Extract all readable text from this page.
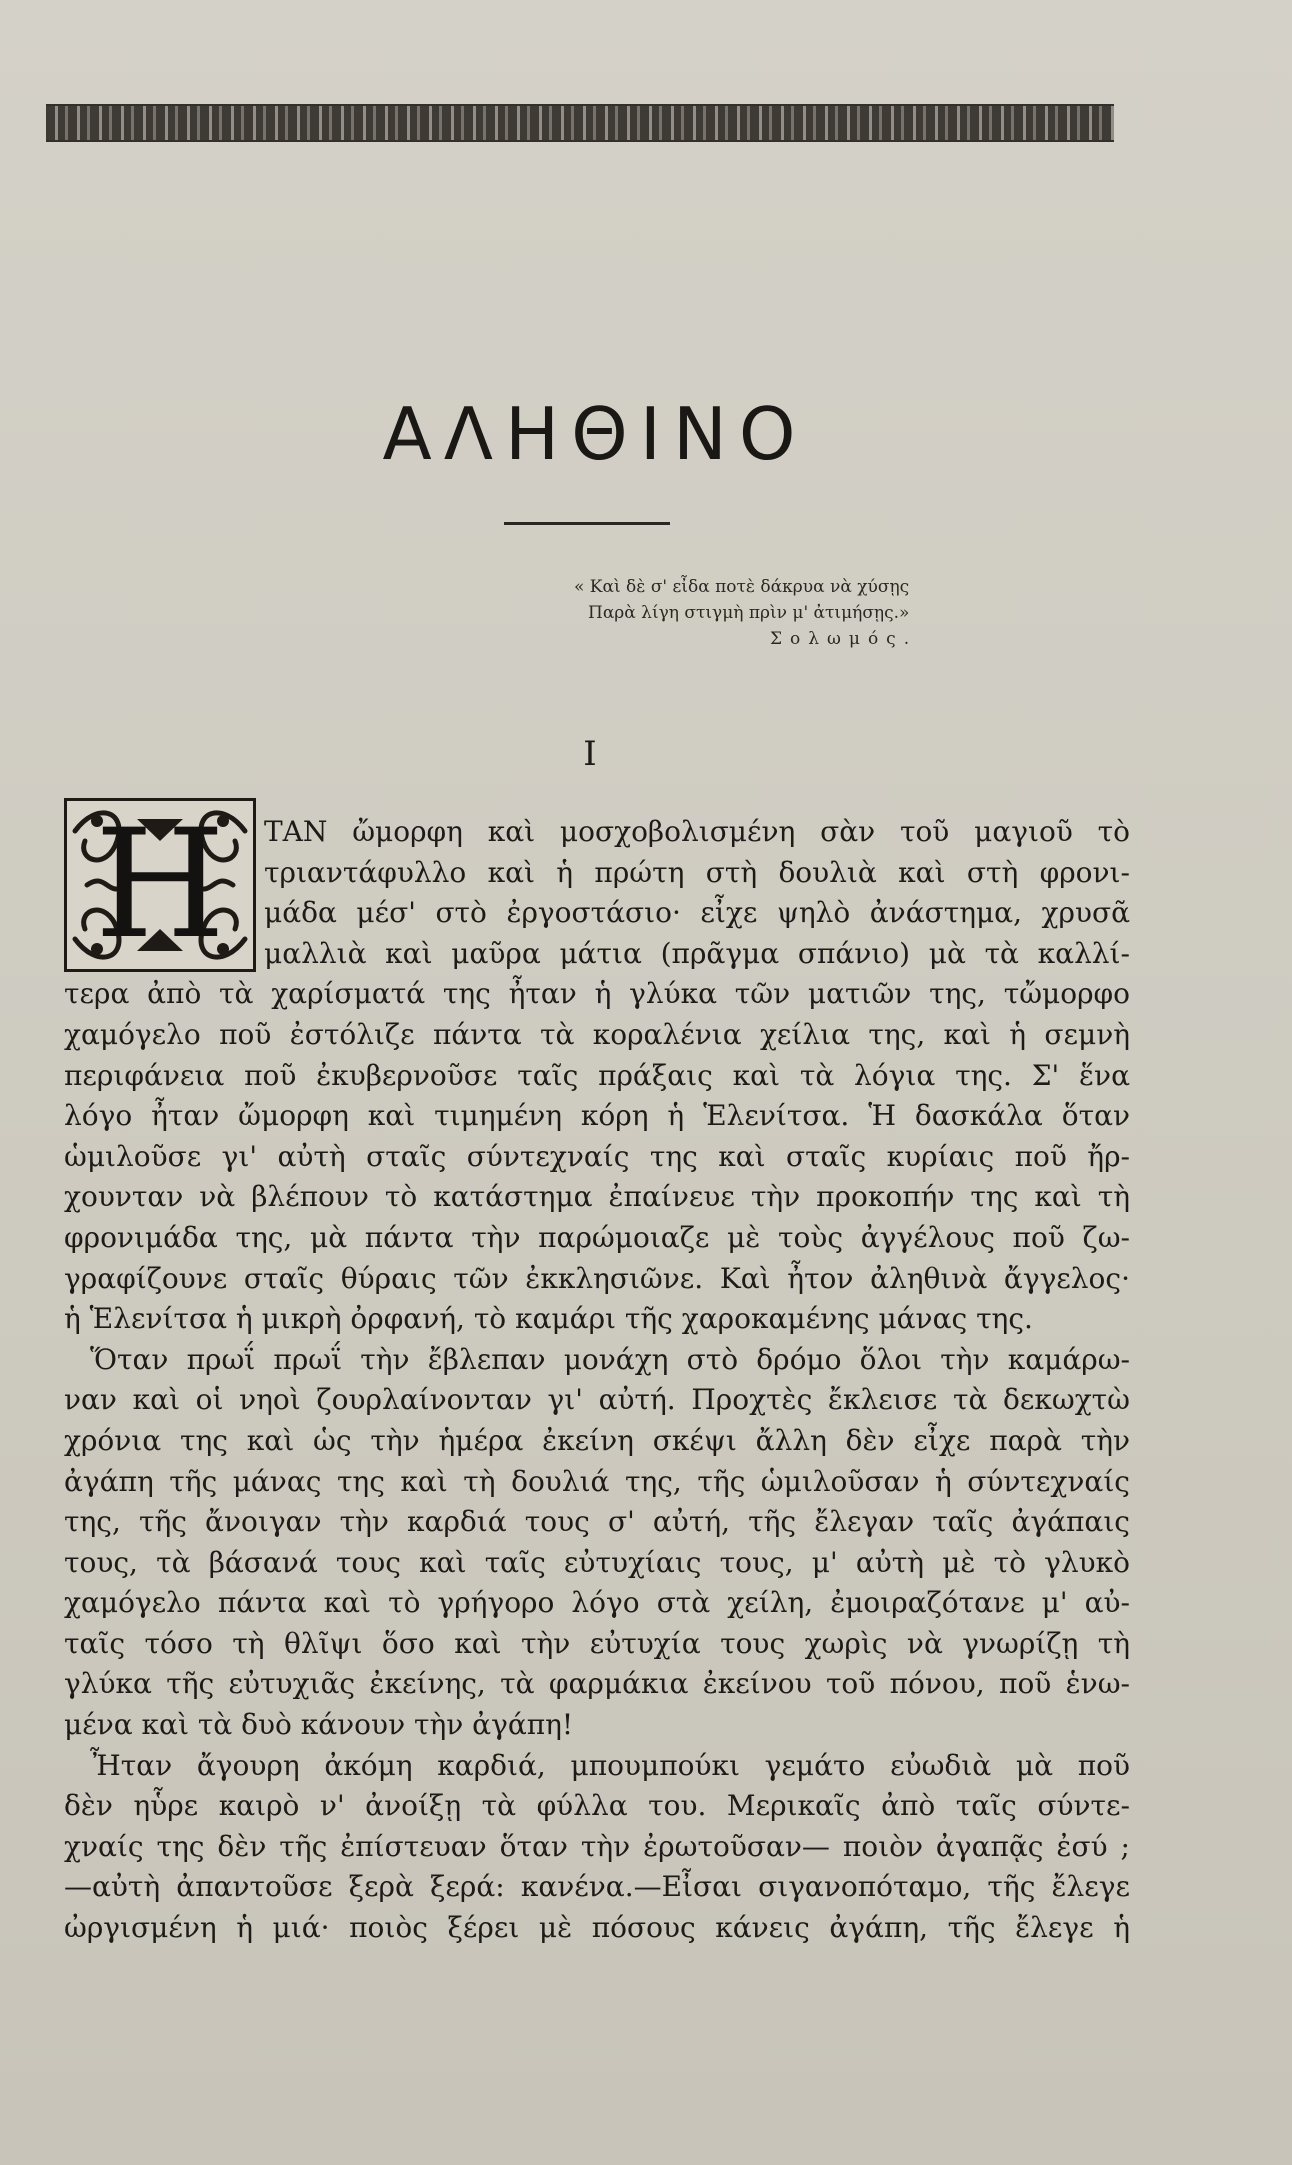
ΑΛΗΘΙΝΟ
« Καὶ δὲ σ' εἶδα ποτὲ δάκρυα νὰ χύσῃς
Παρὰ λίγη στιγμὴ πρὶν μ' ἀτιμήσῃς.»
Σολωμός.
I
Η	ΤΑΝ ὤμορφη καὶ μοσχοβολισμένη σὰν τοῦ μαγιοῦ τὸ
τριαντάφυλλο καὶ ἡ πρώτη στὴ δουλιὰ καὶ στὴ φρονι-
μάδα μέσ' στὸ ἐργοστάσιο· εἶχε ψηλὸ ἀνάστημα, χρυσᾶ
μαλλιὰ καὶ μαῦρα μάτια (πρᾶγμα σπάνιο) μὰ τὰ καλλί-
τερα ἀπὸ τὰ χαρίσματά της ἦταν ἡ γλύκα τῶν ματιῶν της, τὤμορφο
χαμόγελο ποῦ ἐστόλιζε πάντα τὰ κοραλένια χείλια της, καὶ ἡ σεμνὴ
περιφάνεια ποῦ ἐκυβερνοῦσε ταῖς πράξαις καὶ τὰ λόγια της. Σ' ἕνα
λόγο ἦταν ὤμορφη καὶ τιμημένη κόρη ἡ Ἑλενίτσα. Ἡ δασκάλα ὅταν
ὡμιλοῦσε γι' αὐτὴ σταῖς σύντεχναίς της καὶ σταῖς κυρίαις ποῦ ἤρ-
χουνταν νὰ βλέπουν τὸ κατάστημα ἐπαίνευε τὴν προκοπήν της καὶ τὴ
φρονιμάδα της, μὰ πάντα τὴν παρώμοιαζε μὲ τοὺς ἀγγέλους ποῦ ζω-
γραφίζουνε σταῖς θύραις τῶν ἐκκλησιῶνε. Καὶ ἦτον ἀληθινὰ ἄγγελος·
ἡ Ἑλενίτσα ἡ μικρὴ ὀρφανή, τὸ καμάρι τῆς χαροκαμένης μάνας της.
Ὅταν πρωΐ πρωΐ τὴν ἔβλεπαν μονάχη στὸ δρόμο ὅλοι τὴν καμάρω-
ναν καὶ οἱ νηοὶ ζουρλαίνονταν γι' αὐτή. Προχτὲς ἔκλεισε τὰ δεκωχτὼ
χρόνια της καὶ ὡς τὴν ἡμέρα ἐκείνη σκέψι ἄλλη δὲν εἶχε παρὰ τὴν
ἀγάπη τῆς μάνας της καὶ τὴ δουλιά της, τῆς ὡμιλοῦσαν ἡ σύντεχναίς
της, τῆς ἄνοιγαν τὴν καρδιά τους σ' αὐτή, τῆς ἔλεγαν ταῖς ἀγάπαις
τους, τὰ βάσανά τους καὶ ταῖς εὐτυχίαις τους, μ' αὐτὴ μὲ τὸ γλυκὸ
χαμόγελο πάντα καὶ τὸ γρήγορο λόγο στὰ χείλη, ἐμοιραζότανε μ' αὐ-
ταῖς τόσο τὴ θλῖψι ὅσο καὶ τὴν εὐτυχία τους χωρὶς νὰ γνωρίζῃ τὴ
γλύκα τῆς εὐτυχιᾶς ἐκείνης, τὰ φαρμάκια ἐκείνου τοῦ πόνου, ποῦ ἑνω-
μένα καὶ τὰ δυὸ κάνουν τὴν ἀγάπη!
Ἦταν ἄγουρη ἀκόμη καρδιά, μπουμπούκι γεμάτο εὐωδιὰ μὰ ποῦ
δὲν ηὗρε καιρὸ ν' ἀνοίξῃ τὰ φύλλα του. Μερικαῖς ἀπὸ ταῖς σύντε-
χναίς της δὲν τῆς ἐπίστευαν ὅταν τὴν ἐρωτοῦσαν— ποιὸν ἀγαπᾷς ἐσύ ;
—αὐτὴ ἀπαντοῦσε ξερὰ ξερά: κανένα.—Εἶσαι σιγανοπόταμο, τῆς ἔλεγε
ὠργισμένη ἡ μιά· ποιὸς ξέρει μὲ πόσους κάνεις ἀγάπη, τῆς ἔλεγε ἡ
